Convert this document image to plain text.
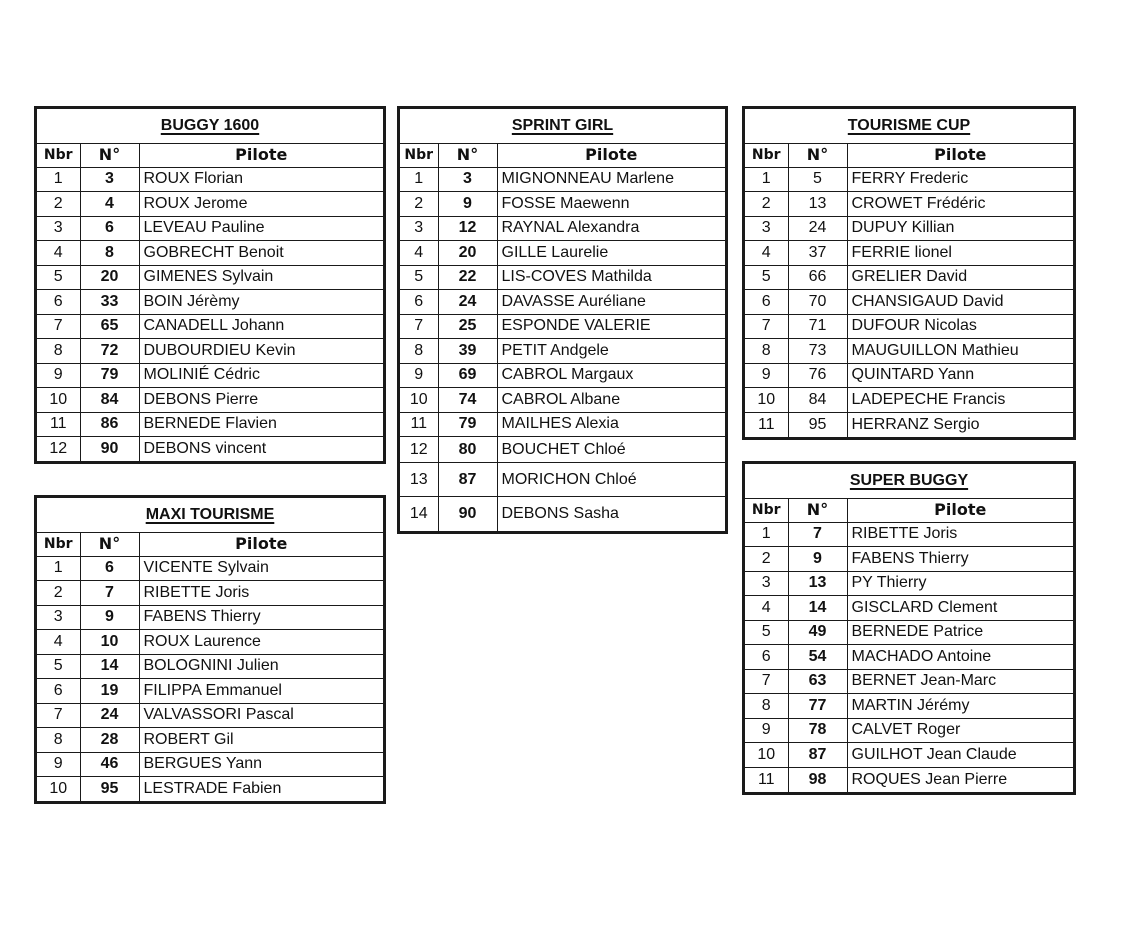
BUGGY 1600		
Nbr	N°	Pilote
1	3	ROUX Florian
2	4	ROUX Jerome
3	6	LEVEAU Pauline
4	8	GOBRECHT Benoit
5	20	GIMENES Sylvain
6	33	BOIN Jérèmy
7	65	CANADELL Johann
8	72	DUBOURDIEU Kevin
9	79	MOLINIÉ Cédric
10	84	DEBONS Pierre
11	86	BERNEDE Flavien
12	90	DEBONS vincent
SPRINT GIRL		
Nbr	N°	Pilote
1	3	MIGNONNEAU Marlene
2	9	FOSSE Maewenn
3	12	RAYNAL Alexandra
4	20	GILLE Laurelie
5	22	LIS-COVES Mathilda
6	24	DAVASSE Auréliane
7	25	ESPONDE VALERIE
8	39	PETIT Andgele
9	69	CABROL Margaux
10	74	CABROL Albane
11	79	MAILHES Alexia
12	80	BOUCHET Chloé
13	87	MORICHON Chloé
14	90	DEBONS Sasha
TOURISME CUP		
Nbr	N°	Pilote
1	5	FERRY Frederic
2	13	CROWET Frédéric
3	24	DUPUY Killian
4	37	FERRIE lionel
5	66	GRELIER David
6	70	CHANSIGAUD David
7	71	DUFOUR Nicolas
8	73	MAUGUILLON Mathieu
9	76	QUINTARD Yann
10	84	LADEPECHE Francis
11	95	HERRANZ Sergio
MAXI TOURISME		
Nbr	N°	Pilote
1	6	VICENTE Sylvain
2	7	RIBETTE Joris
3	9	FABENS Thierry
4	10	ROUX Laurence
5	14	BOLOGNINI Julien
6	19	FILIPPA Emmanuel
7	24	VALVASSORI Pascal
8	28	ROBERT Gil
9	46	BERGUES Yann
10	95	LESTRADE Fabien
SUPER BUGGY		
Nbr	N°	Pilote
1	7	RIBETTE Joris
2	9	FABENS Thierry
3	13	PY Thierry
4	14	GISCLARD Clement
5	49	BERNEDE Patrice
6	54	MACHADO Antoine
7	63	BERNET Jean-Marc
8	77	MARTIN Jérémy
9	78	CALVET Roger
10	87	GUILHOT Jean Claude
11	98	ROQUES Jean Pierre
